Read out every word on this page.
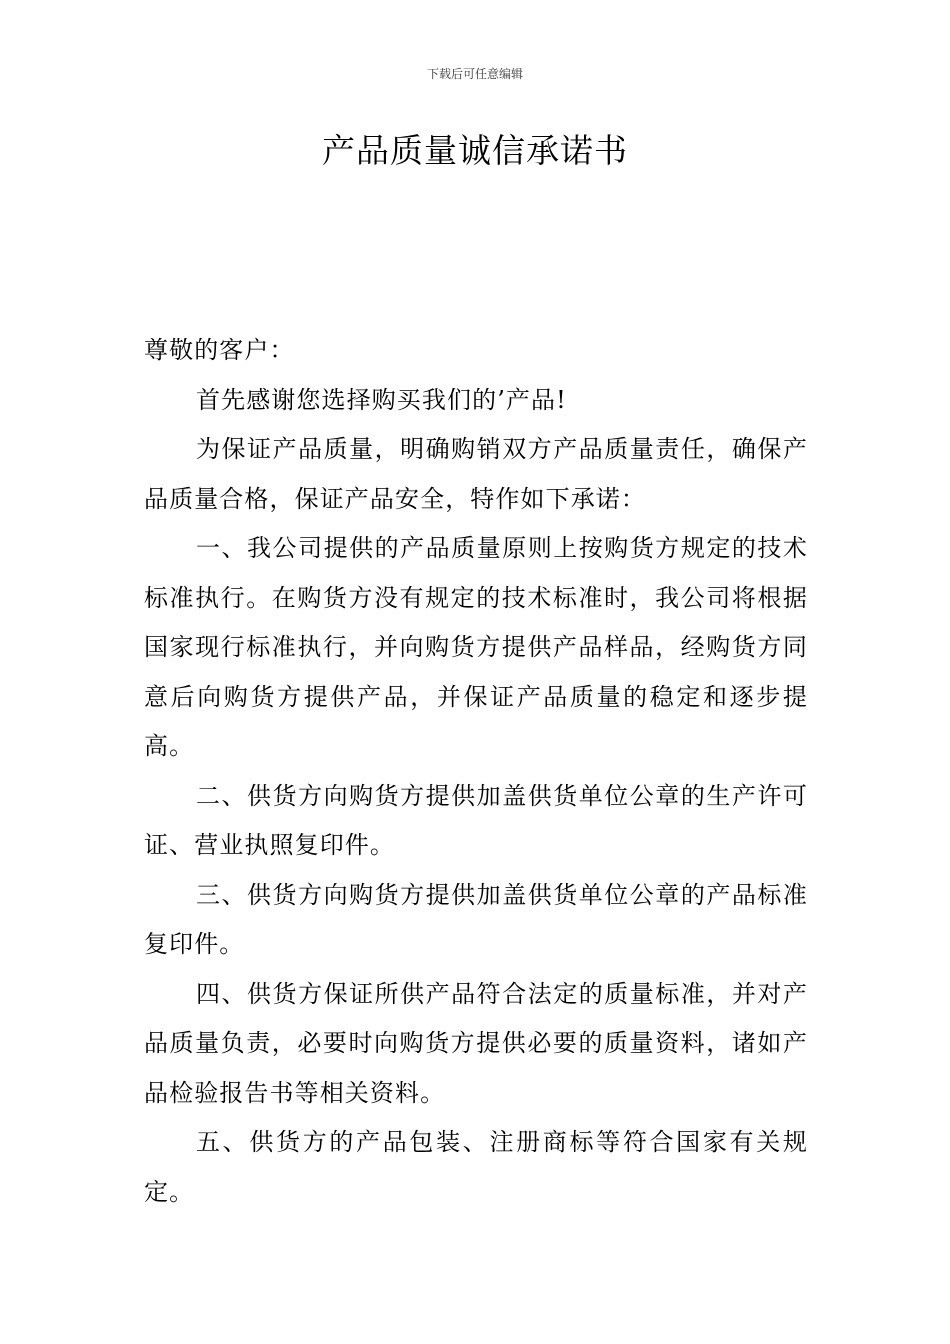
下载后可任意编辑
产品质量诚信承诺书

尊敬的客户：

首先感谢您选择购买我们的’产品!

为保证产品质量，明确购销双方产品质量责任，确保产品质量合格，保证产品安全，特作如下承诺：

一、我公司提供的产品质量原则上按购货方规定的技术标准执行。在购货方没有规定的技术标准时，我公司将根据国家现行标准执行，并向购货方提供产品样品，经购货方同意后向购货方提供产品，并保证产品质量的稳定和逐步提高。

二、供货方向购货方提供加盖供货单位公章的生产许可证、营业执照复印件。

三、供货方向购货方提供加盖供货单位公章的产品标准复印件。

四、供货方保证所供产品符合法定的质量标准，并对产品质量负责，必要时向购货方提供必要的质量资料，诸如产品检验报告书等相关资料。

五、供货方的产品包装、注册商标等符合国家有关规定。
